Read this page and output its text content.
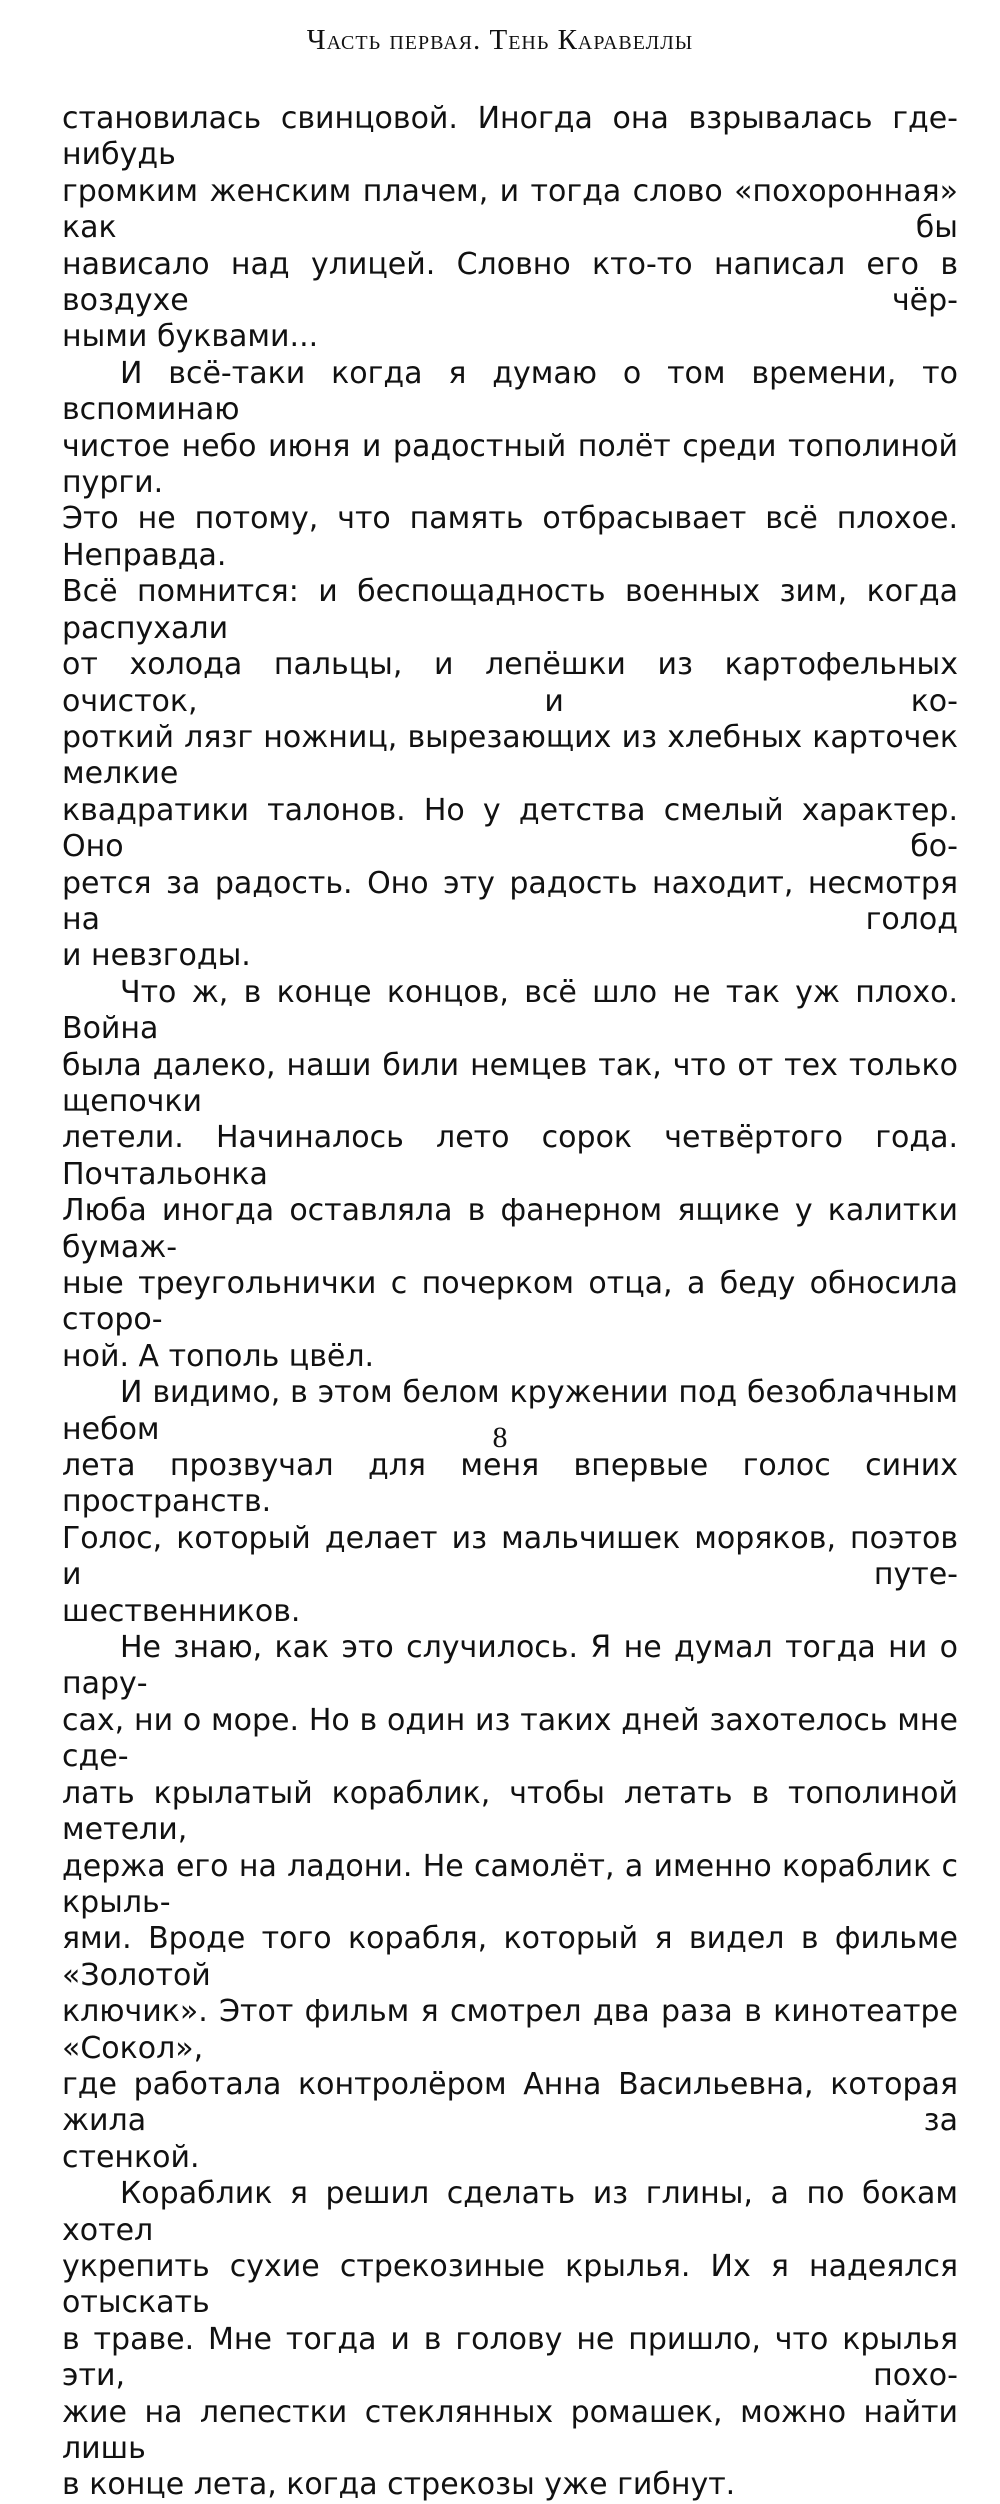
Часть первая. Тень Каравеллы

становилась свинцовой. Иногда она взрывалась где-нибудь

громким женским плачем, и тогда слово «похоронная» как бы

нависало над улицей. Словно кто-то написал его в воздухе чёр-

ными буквами...

И всё-таки когда я думаю о том времени, то вспоминаю

чистое небо июня и радостный полёт среди тополиной пурги.

Это не потому, что память отбрасывает всё плохое. Неправда.

Всё помнится: и беспощадность военных зим, когда распухали

от холода пальцы, и лепёшки из картофельных очисток, и ко-

роткий лязг ножниц, вырезающих из хлебных карточек мелкие

квадратики талонов. Но у детства смелый характер. Оно бо-

рется за радость. Оно эту радость находит, несмотря на голод

и невзгоды.

Что ж, в конце концов, всё шло не так уж плохо. Война

была далеко, наши били немцев так, что от тех только щепочки

летели. Начиналось лето сорок четвёртого года. Почтальонка

Люба иногда оставляла в фанерном ящике у калитки бумаж-

ные треугольнички с почерком отца, а беду обносила сторо-

ной. А тополь цвёл.

И видимо, в этом белом кружении под безоблачным небом

лета прозвучал для меня впервые голос синих пространств.

Голос, который делает из мальчишек моряков, поэтов и путе-

шественников.

Не знаю, как это случилось. Я не думал тогда ни о пару-

сах, ни о море. Но в один из таких дней захотелось мне сде-

лать крылатый кораблик, чтобы летать в тополиной метели,

держа его на ладони. Не самолёт, а именно кораблик с крыль-

ями. Вроде того корабля, который я видел в фильме «Золотой

ключик». Этот фильм я смотрел два раза в кинотеатре «Сокол»,

где работала контролёром Анна Васильевна, которая жила за

стенкой.

Кораблик я решил сделать из глины, а по бокам хотел

укрепить сухие стрекозиные крылья. Их я надеялся отыскать

в траве. Мне тогда и в голову не пришло, что крылья эти, похо-

жие на лепестки стеклянных ромашек, можно найти лишь

в конце лета, когда стрекозы уже гибнут.

8
